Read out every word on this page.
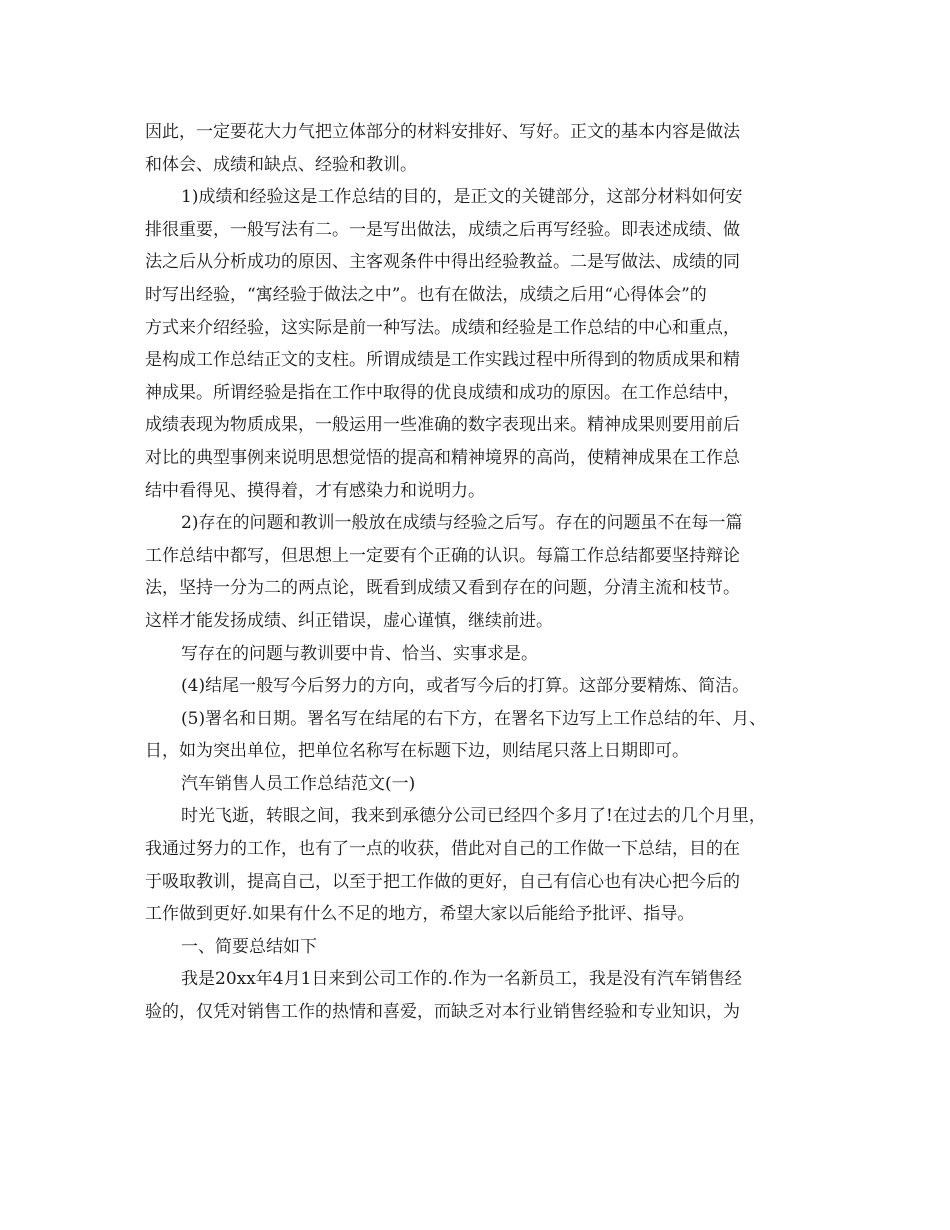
因此，一定要花大力气把立体部分的材料安排好、写好。正文的基本内容是做法
和体会、成绩和缺点、经验和教训。
1)成绩和经验这是工作总结的目的，是正文的关键部分，这部分材料如何安
排很重要，一般写法有二。一是写出做法，成绩之后再写经验。即表述成绩、做
法之后从分析成功的原因、主客观条件中得出经验教益。二是写做法、成绩的同
时写出经验，“寓经验于做法之中”。也有在做法，成绩之后用“心得体会”的
方式来介绍经验，这实际是前一种写法。成绩和经验是工作总结的中心和重点，
是构成工作总结正文的支柱。所谓成绩是工作实践过程中所得到的物质成果和精
神成果。所谓经验是指在工作中取得的优良成绩和成功的原因。在工作总结中，
成绩表现为物质成果，一般运用一些准确的数字表现出来。精神成果则要用前后
对比的典型事例来说明思想觉悟的提高和精神境界的高尚，使精神成果在工作总
结中看得见、摸得着，才有感染力和说明力。
2)存在的问题和教训一般放在成绩与经验之后写。存在的问题虽不在每一篇
工作总结中都写，但思想上一定要有个正确的认识。每篇工作总结都要坚持辩论
法，坚持一分为二的两点论，既看到成绩又看到存在的问题，分清主流和枝节。
这样才能发扬成绩、纠正错误，虚心谨慎，继续前进。
写存在的问题与教训要中肯、恰当、实事求是。
(4)结尾一般写今后努力的方向，或者写今后的打算。这部分要精炼、简洁。
(5)署名和日期。署名写在结尾的右下方，在署名下边写上工作总结的年、月、
日，如为突出单位，把单位名称写在标题下边，则结尾只落上日期即可。
汽车销售人员工作总结范文(一)
时光飞逝，转眼之间，我来到承德分公司已经四个多月了!在过去的几个月里，
我通过努力的工作，也有了一点的收获，借此对自己的工作做一下总结，目的在
于吸取教训，提高自己，以至于把工作做的更好，自己有信心也有决心把今后的
工作做到更好.如果有什么不足的地方，希望大家以后能给予批评、指导。
一、简要总结如下
我是20xx年4月1日来到公司工作的.作为一名新员工，我是没有汽车销售经
验的，仅凭对销售工作的热情和喜爱，而缺乏对本行业销售经验和专业知识，为
